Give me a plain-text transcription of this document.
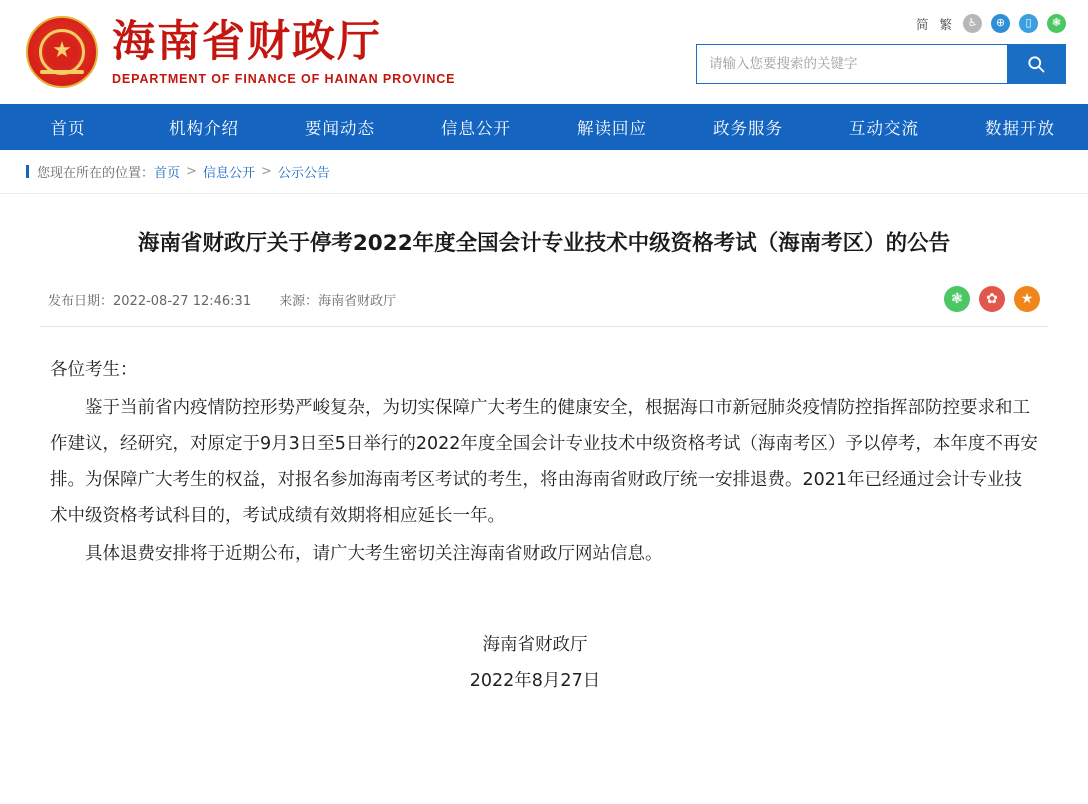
★ 海南省财政厅
DEPARTMENT OF FINANCE OF HAINAN PROVINCE
简 繁	♿	⊕	▯	❃
请输入您要搜索的关键字
首页	机构介绍	要闻动态	信息公开	解读回应	政务服务	互动交流	数据开放
您现在所在的位置： 首页 > 信息公开 > 公示公告
海南省财政厅关于停考2022年度全国会计专业技术中级资格考试（海南考区）的公告
发布日期：2022-08-27 12:46:31 来源：海南省财政厅	❃	✿	★

各位考生：

鉴于当前省内疫情防控形势严峻复杂，为切实保障广大考生的健康安全，根据海口市新冠肺炎疫情防控指挥部防控要求和工作建议，经研究，对原定于9月3日至5日举行的2022年度全国会计专业技术中级资格考试（海南考区）予以停考，本年度不再安排。为保障广大考生的权益，对报名参加海南考区考试的考生，将由海南省财政厅统一安排退费。2021年已经通过会计专业技术中级资格考试科目的，考试成绩有效期将相应延长一年。

具体退费安排将于近期公布，请广大考生密切关注海南省财政厅网站信息。

海南省财政厅
2022年8月27日
